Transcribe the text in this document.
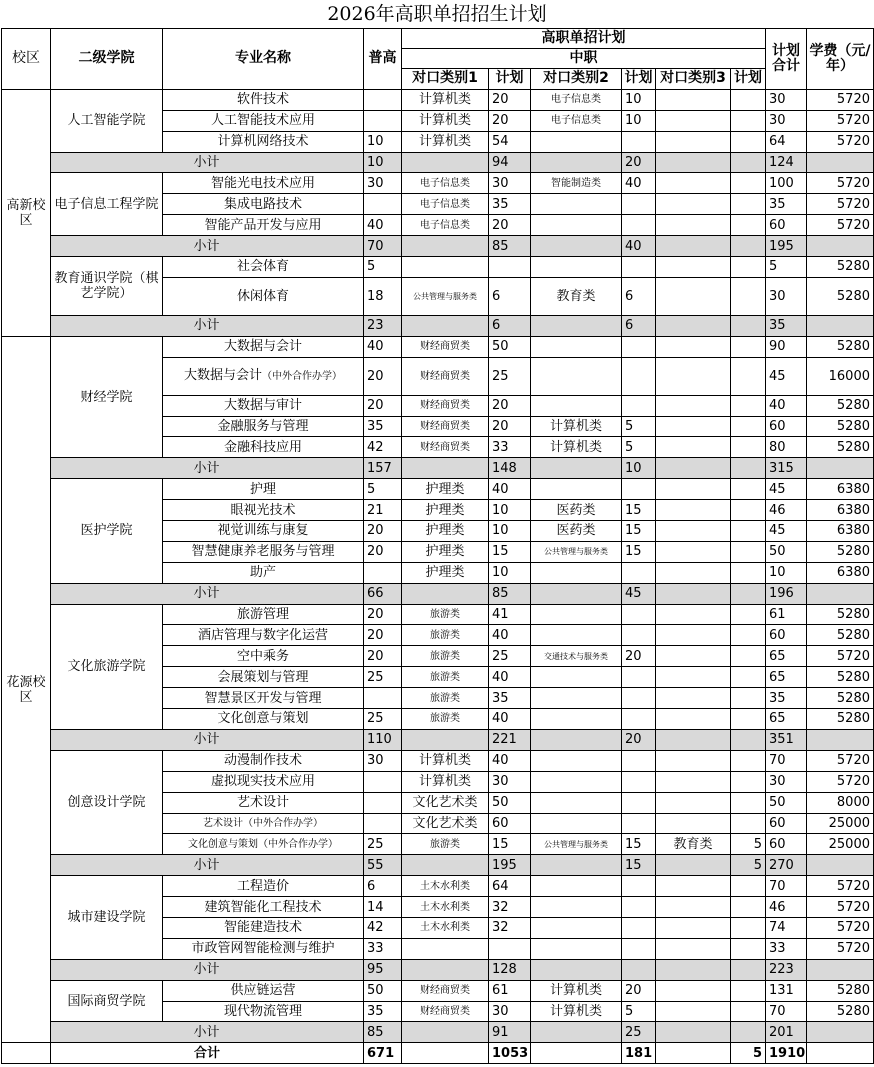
2026年高职单招招生计划
校区	二级学院	专业名称	普高	高职单招计划						计划合计	学费（元/年）
				中职							
				对口类别1	计划	对口类别2	计划	对口类别3	计划		
高新校区	人工智能学院	软件技术		计算机类	20	电子信息类	10			30	5720
		人工智能技术应用		计算机类	20	电子信息类	10			30	5720
		计算机网络技术	10	计算机类	54					64	5720
	小计		10		94		20			124	
	电子信息工程学院	智能光电技术应用	30	电子信息类	30	智能制造类	40			100	5720
		集成电路技术		电子信息类	35					35	5720
		智能产品开发与应用	40	电子信息类	20					60	5720
	小计		70		85		40			195	
	教育通识学院（棋艺学院）	社会体育	5							5	5280
		休闲体育	18	公共管理与服务类	6	教育类	6			30	5280
	小计		23		6		6			35	
花源校区	财经学院	大数据与会计	40	财经商贸类	50					90	5280
		大数据与会计（中外合作办学）	20	财经商贸类	25					45	16000
		大数据与审计	20	财经商贸类	20					40	5280
		金融服务与管理	35	财经商贸类	20	计算机类	5			60	5280
		金融科技应用	42	财经商贸类	33	计算机类	5			80	5280
	小计		157		148		10			315	
	医护学院	护理	5	护理类	40					45	6380
		眼视光技术	21	护理类	10	医药类	15			46	6380
		视觉训练与康复	20	护理类	10	医药类	15			45	6380
		智慧健康养老服务与管理	20	护理类	15	公共管理与服务类	15			50	5280
		助产		护理类	10					10	6380
	小计		66		85		45			196	
	文化旅游学院	旅游管理	20	旅游类	41					61	5280
		酒店管理与数字化运营	20	旅游类	40					60	5280
		空中乘务	20	旅游类	25	交通技术与服务类	20			65	5720
		会展策划与管理	25	旅游类	40					65	5280
		智慧景区开发与管理		旅游类	35					35	5280
		文化创意与策划	25	旅游类	40					65	5280
	小计		110		221		20			351	
	创意设计学院	动漫制作技术	30	计算机类	40					70	5720
		虚拟现实技术应用		计算机类	30					30	5720
		艺术设计		文化艺术类	50					50	8000
		艺术设计（中外合作办学）		文化艺术类	60					60	25000
		文化创意与策划（中外合作办学）	25	旅游类	15	公共管理与服务类	15	教育类	5	60	25000
	小计		55		195		15		5	270	
	城市建设学院	工程造价	6	土木水利类	64					70	5720
		建筑智能化工程技术	14	土木水利类	32					46	5720
		智能建造技术	42	土木水利类	32					74	5720
		市政管网智能检测与维护	33							33	5720
	小计		95		128					223	
	国际商贸学院	供应链运营	50	财经商贸类	61	计算机类	20			131	5280
		现代物流管理	35	财经商贸类	30	计算机类	5			70	5280
	小计		85		91		25			201	
	合计		671		1053		181		5	1910	
